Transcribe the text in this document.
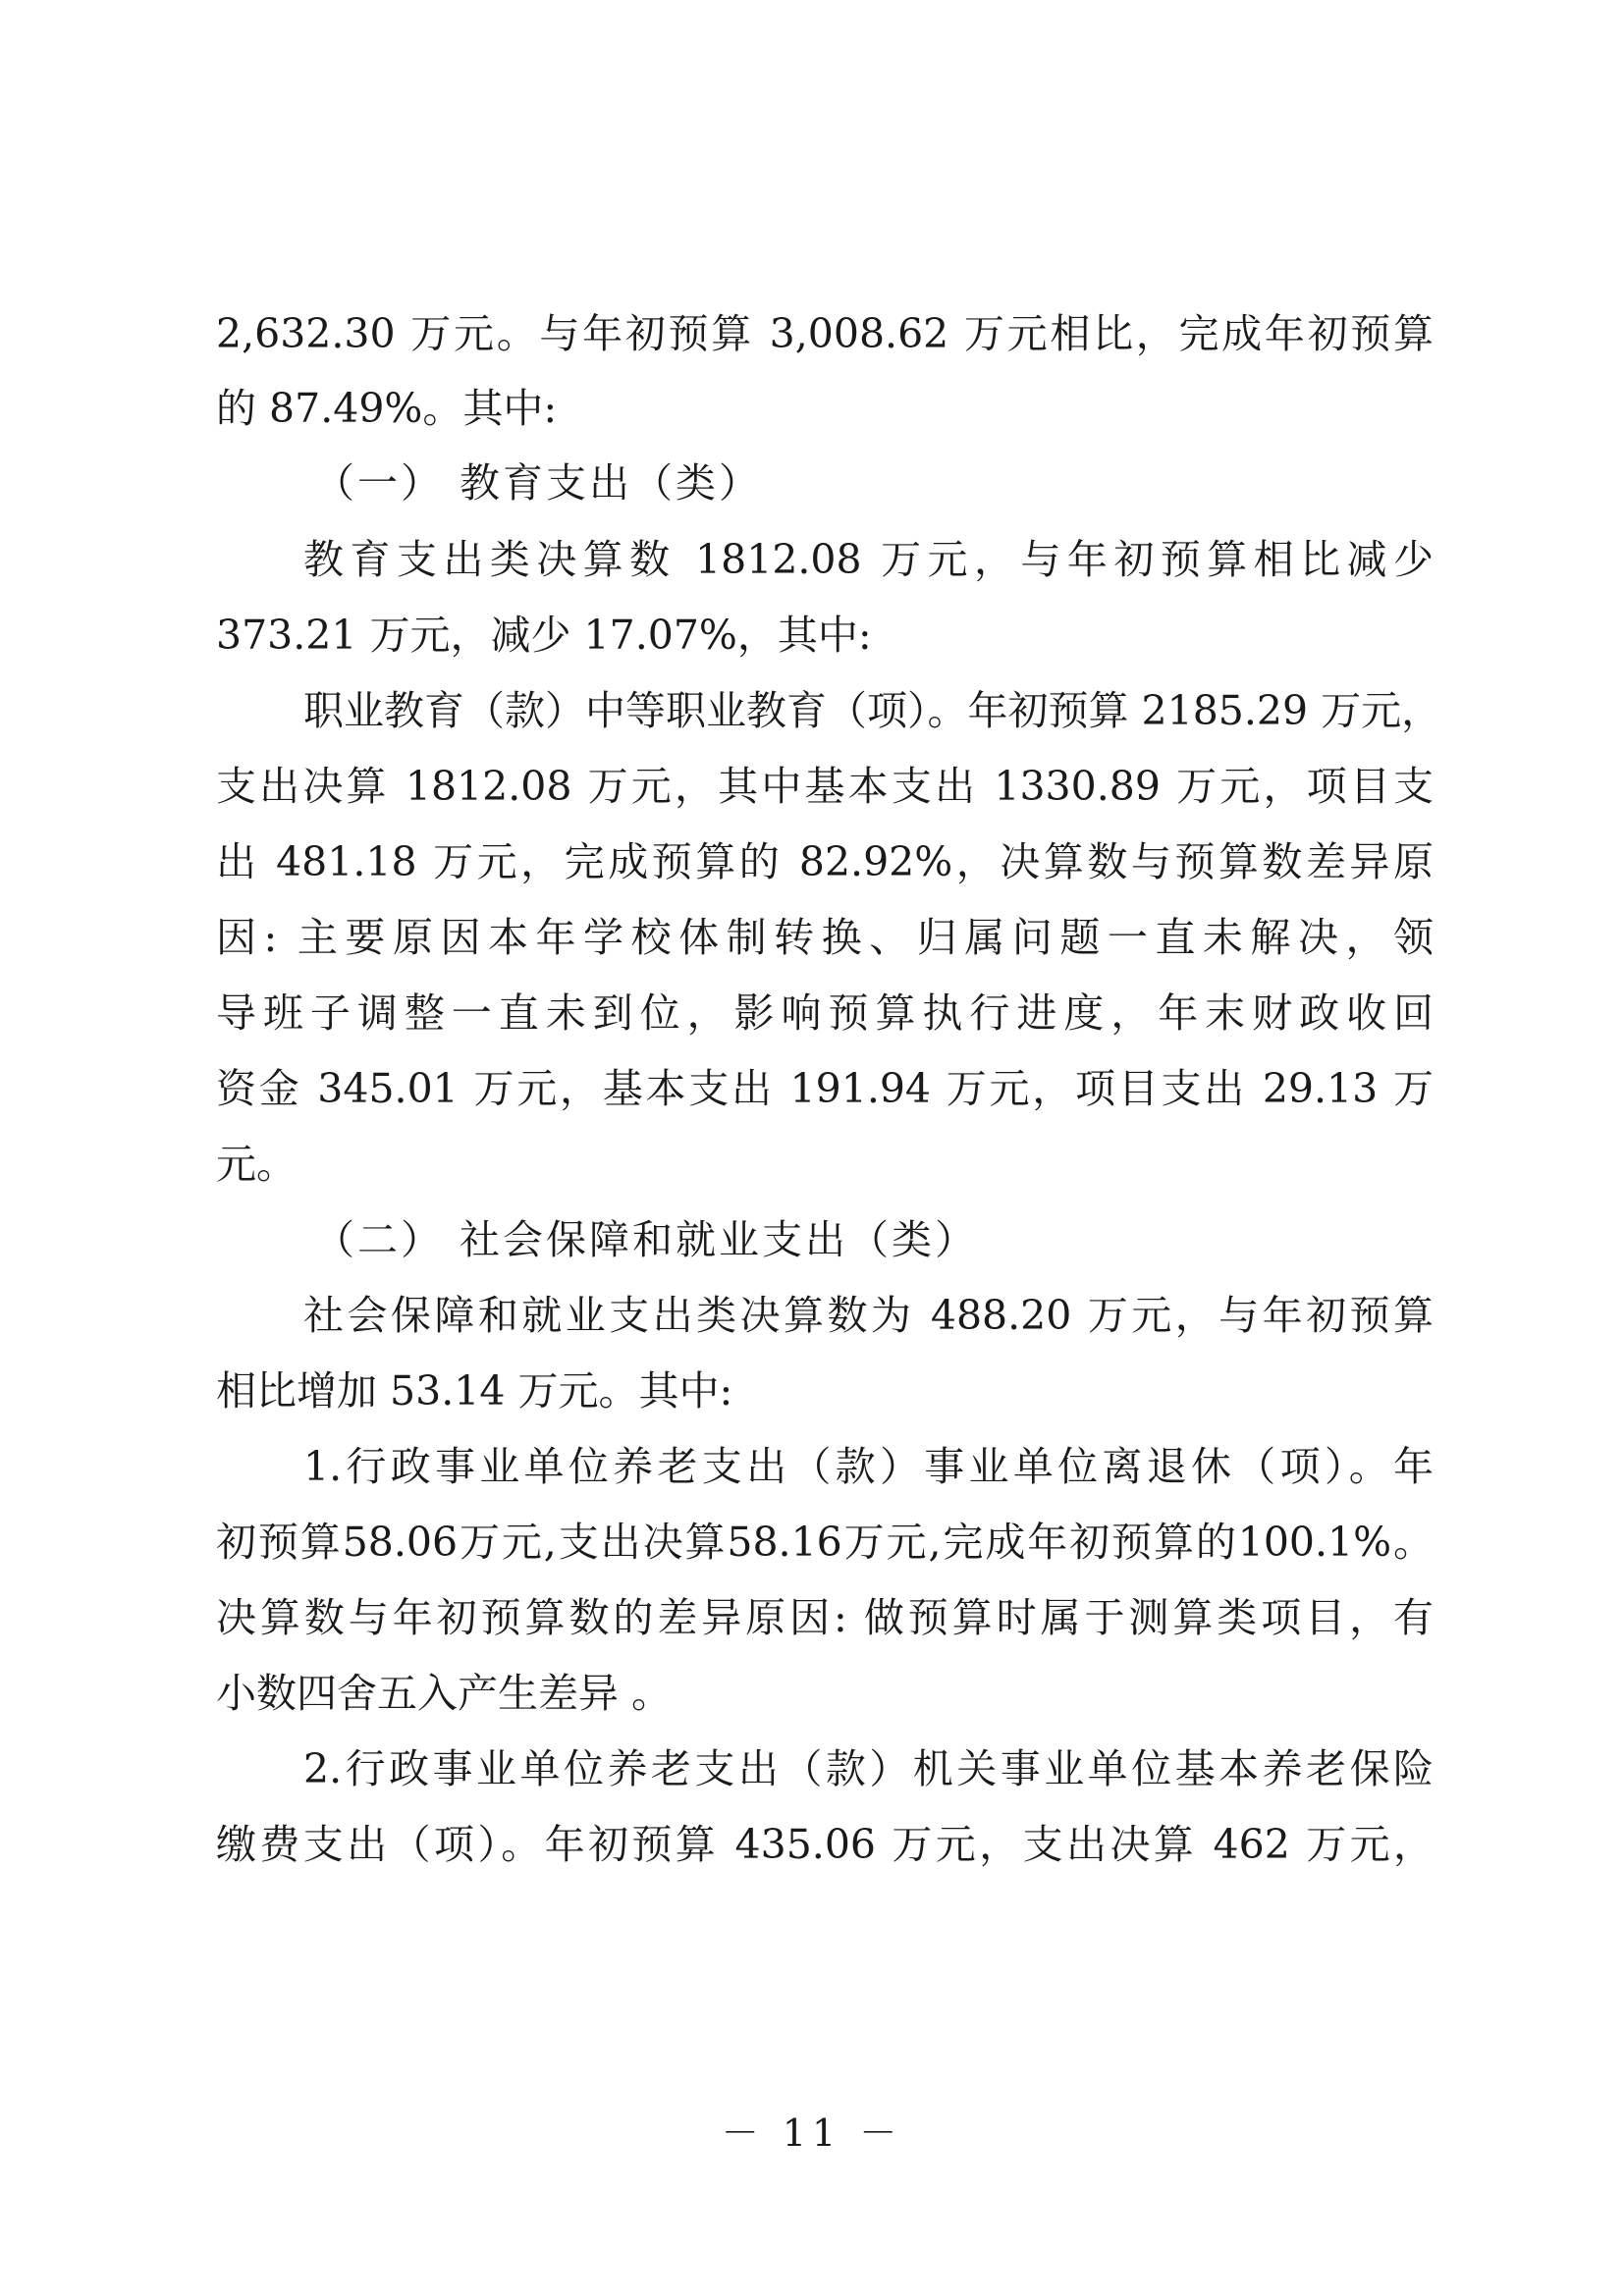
2,632.30 万元。与年初预算 3,008.62 万元相比，完成年初预算
的 87.49%。其中:
（一） 教育支出（类）
教育支出类决算数 1812.08 万元，与年初预算相比减少
373.21 万元，减少 17.07%，其中:
职业教育（款）中等职业教育（项）。年初预算 2185.29 万元，
支出决算 1812.08 万元，其中基本支出 1330.89 万元，项目支
出 481.18 万元，完成预算的 82.92%，决算数与预算数差异原
因: 主要原因本年学校体制转换、归属问题一直未解决，领
导班子调整一直未到位，影响预算执行进度，年末财政收回
资金 345.01 万元，基本支出 191.94 万元，项目支出 29.13 万
元。
（二） 社会保障和就业支出（类）
社会保障和就业支出类决算数为 488.20 万元，与年初预算
相比增加 53.14 万元。其中:
1.行政事业单位养老支出（款）事业单位离退休（项）。年
初预算58.06万元,支出决算58.16万元,完成年初预算的100.1%。
决算数与年初预算数的差异原因: 做预算时属于测算类项目，有
小数四舍五入产生差异 。
2.行政事业单位养老支出（款）机关事业单位基本养老保险
缴费支出（项）。年初预算 435.06 万元，支出决算 462 万元，
－ 11 －
